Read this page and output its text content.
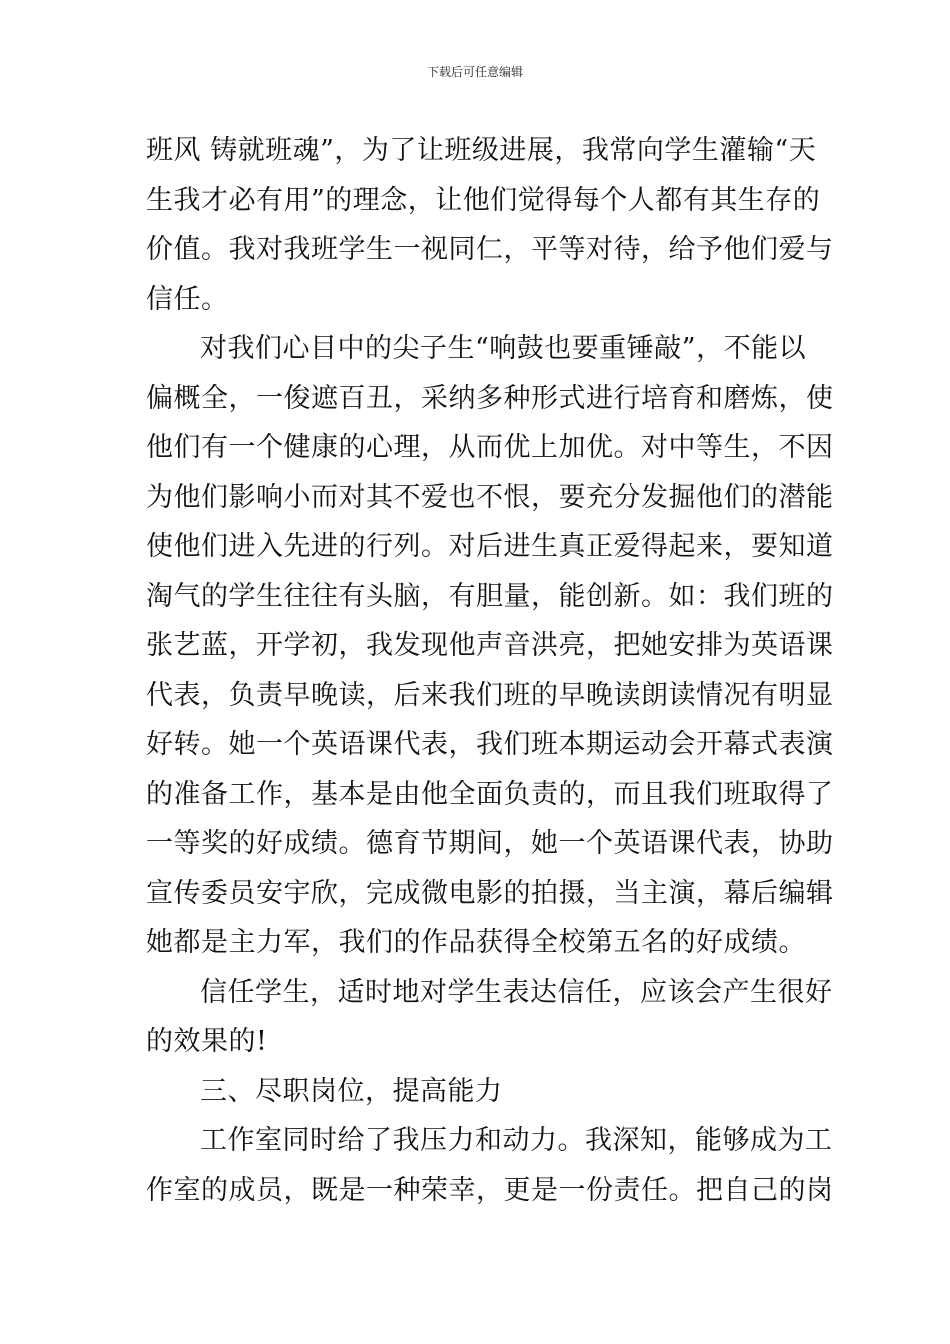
下载后可任意编辑
班风 铸就班魂”，为了让班级进展，我常向学生灌输“天
生我才必有用”的理念，让他们觉得每个人都有其生存的
价值。我对我班学生一视同仁，平等对待，给予他们爱与
信任。
对我们心目中的尖子生“响鼓也要重锤敲”，不能以
偏概全，一俊遮百丑，采纳多种形式进行培育和磨炼，使
他们有一个健康的心理，从而优上加优。对中等生，不因
为他们影响小而对其不爱也不恨，要充分发掘他们的潜能
使他们进入先进的行列。对后进生真正爱得起来，要知道
淘气的学生往往有头脑，有胆量，能创新。如：我们班的
张艺蓝，开学初，我发现他声音洪亮，把她安排为英语课
代表，负责早晚读，后来我们班的早晚读朗读情况有明显
好转。她一个英语课代表，我们班本期运动会开幕式表演
的准备工作，基本是由他全面负责的，而且我们班取得了
一等奖的好成绩。德育节期间，她一个英语课代表，协助
宣传委员安宇欣，完成微电影的拍摄，当主演，幕后编辑
她都是主力军，我们的作品获得全校第五名的好成绩。
信任学生，适时地对学生表达信任，应该会产生很好
的效果的!
三、尽职岗位，提高能力
工作室同时给了我压力和动力。我深知，能够成为工
作室的成员，既是一种荣幸，更是一份责任。把自己的岗
